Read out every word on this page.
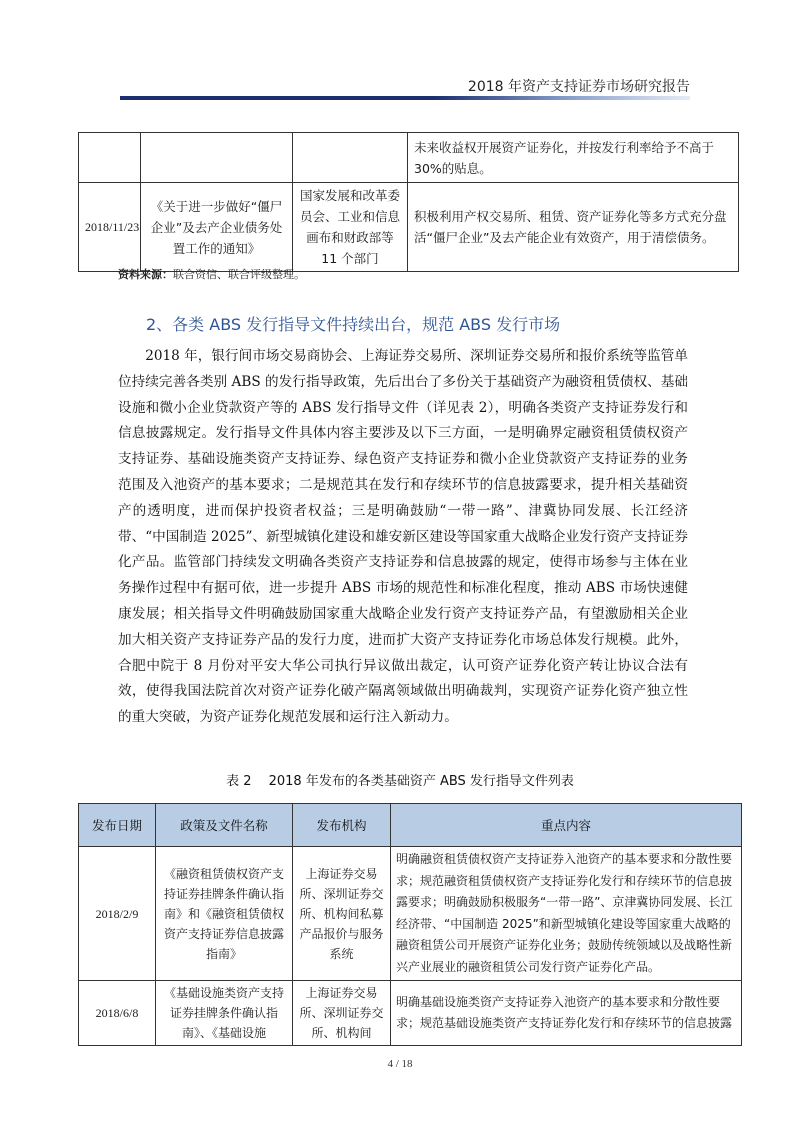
2018 年资产支持证券市场研究报告
			未来收益权开展资产证券化，并按发行利率给予不高于30%的贴息。
2018/11/23	《关于进一步做好“僵尸企业”及去产企业债务处置工作的通知》	国家发展和改革委员会、工业和信息画布和财政部等 11 个部门	积极利用产权交易所、租赁、资产证券化等多方式充分盘活“僵尸企业”及去产能企业有效资产，用于清偿债务。
资料来源：联合资信、联合评级整理。
2、各类 ABS 发行指导文件持续出台，规范 ABS 发行市场
2018 年，银行间市场交易商协会、上海证券交易所、深圳证券交易所和报价系统等监管单位持续完善各类别 ABS 的发行指导政策，先后出台了多份关于基础资产为融资租赁债权、基础设施和微小企业贷款资产等的 ABS 发行指导文件（详见表 2），明确各类资产支持证券发行和信息披露规定。发行指导文件具体内容主要涉及以下三方面，一是明确界定融资租赁债权资产支持证券、基础设施类资产支持证券、绿色资产支持证券和微小企业贷款资产支持证券的业务范围及入池资产的基本要求；二是规范其在发行和存续环节的信息披露要求，提升相关基础资产的透明度，进而保护投资者权益；三是明确鼓励“一带一路”、津冀协同发展、长江经济带、“中国制造 2025”、新型城镇化建设和雄安新区建设等国家重大战略企业发行资产支持证券化产品。监管部门持续发文明确各类资产支持证券和信息披露的规定，使得市场参与主体在业务操作过程中有据可依，进一步提升 ABS 市场的规范性和标准化程度，推动 ABS 市场快速健康发展；相关指导文件明确鼓励国家重大战略企业发行资产支持证券产品，有望激励相关企业加大相关资产支持证券产品的发行力度，进而扩大资产支持证券化市场总体发行规模。此外，合肥中院于 8 月份对平安大华公司执行异议做出裁定，认可资产证券化资产转让协议合法有效，使得我国法院首次对资产证券化破产隔离领域做出明确裁判，实现资产证券化资产独立性的重大突破，为资产证券化规范发展和运行注入新动力。
表 2　 2018 年发布的各类基础资产 ABS 发行指导文件列表
发布日期	政策及文件名称	发布机构	重点内容
2018/2/9	《融资租赁债权资产支持证券挂牌条件确认指南》和《融资租赁债权资产支持证券信息披露指南》	上海证券交易所、深圳证券交所、机构间私募产品报价与服务系统	明确融资租赁债权资产支持证券入池资产的基本要求和分散性要求；规范融资租赁债权资产支持证券化发行和存续环节的信息披露要求；明确鼓励积极服务“一带一路”、京津冀协同发展、长江经济带、“中国制造 2025”和新型城镇化建设等国家重大战略的融资租赁公司开展资产证券化业务；鼓励传统领域以及战略性新兴产业展业的融资租赁公司发行资产证券化产品。
2018/6/8	《基础设施类资产支持证券挂牌条件确认指南》、《基础设施	上海证券交易所、深圳证券交所、机构间	明确基础设施类资产支持证券入池资产的基本要求和分散性要求；规范基础设施类资产支持证券化发行和存续环节的信息披露
4 / 18
